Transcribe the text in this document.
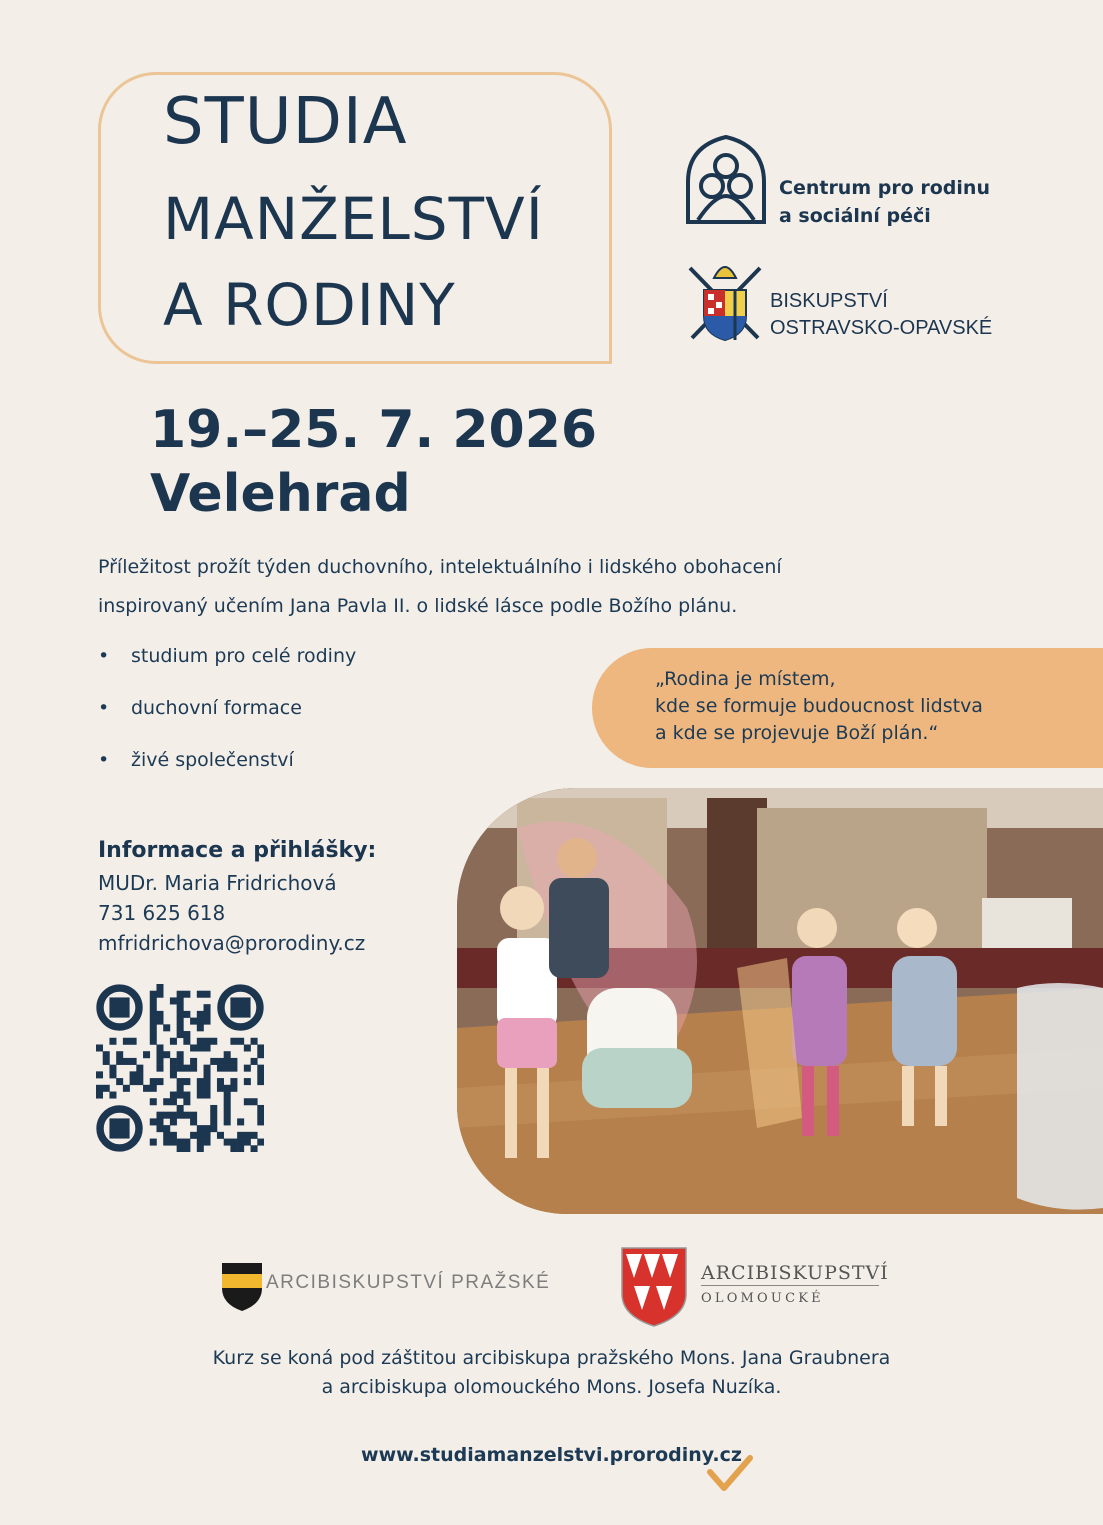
STUDIA
MANŽELSTVÍ
A RODINY
Centrum pro rodinu
a sociální péči
BISKUPSTVÍ
OSTRAVSKO-OPAVSKÉ
19.–25. 7. 2026
Velehrad
Příležitost prožít týden duchovního, intelektuálního i lidského obohacení
inspirovaný učením Jana Pavla II. o lidské lásce podle Božího plánu.
• studium pro celé rodiny
• duchovní formace
• živé společenství
„Rodina je místem,
kde se formuje budoucnost lidstva
a kde se projevuje Boží plán.“
Informace a přihlášky:
MUDr. Maria Fridrichová
731 625 618
mfridrichova@prorodiny.cz
ARCIBISKUPSTVÍ PRAŽSKÉ	ARCIBISKUPSTVÍ
OLOMOUCKÉ
Kurz se koná pod záštitou arcibiskupa pražského Mons. Jana Graubnera
a arcibiskupa olomouckého Mons. Josefa Nuzíka.
www.studiamanzelstvi.prorodiny.cz
